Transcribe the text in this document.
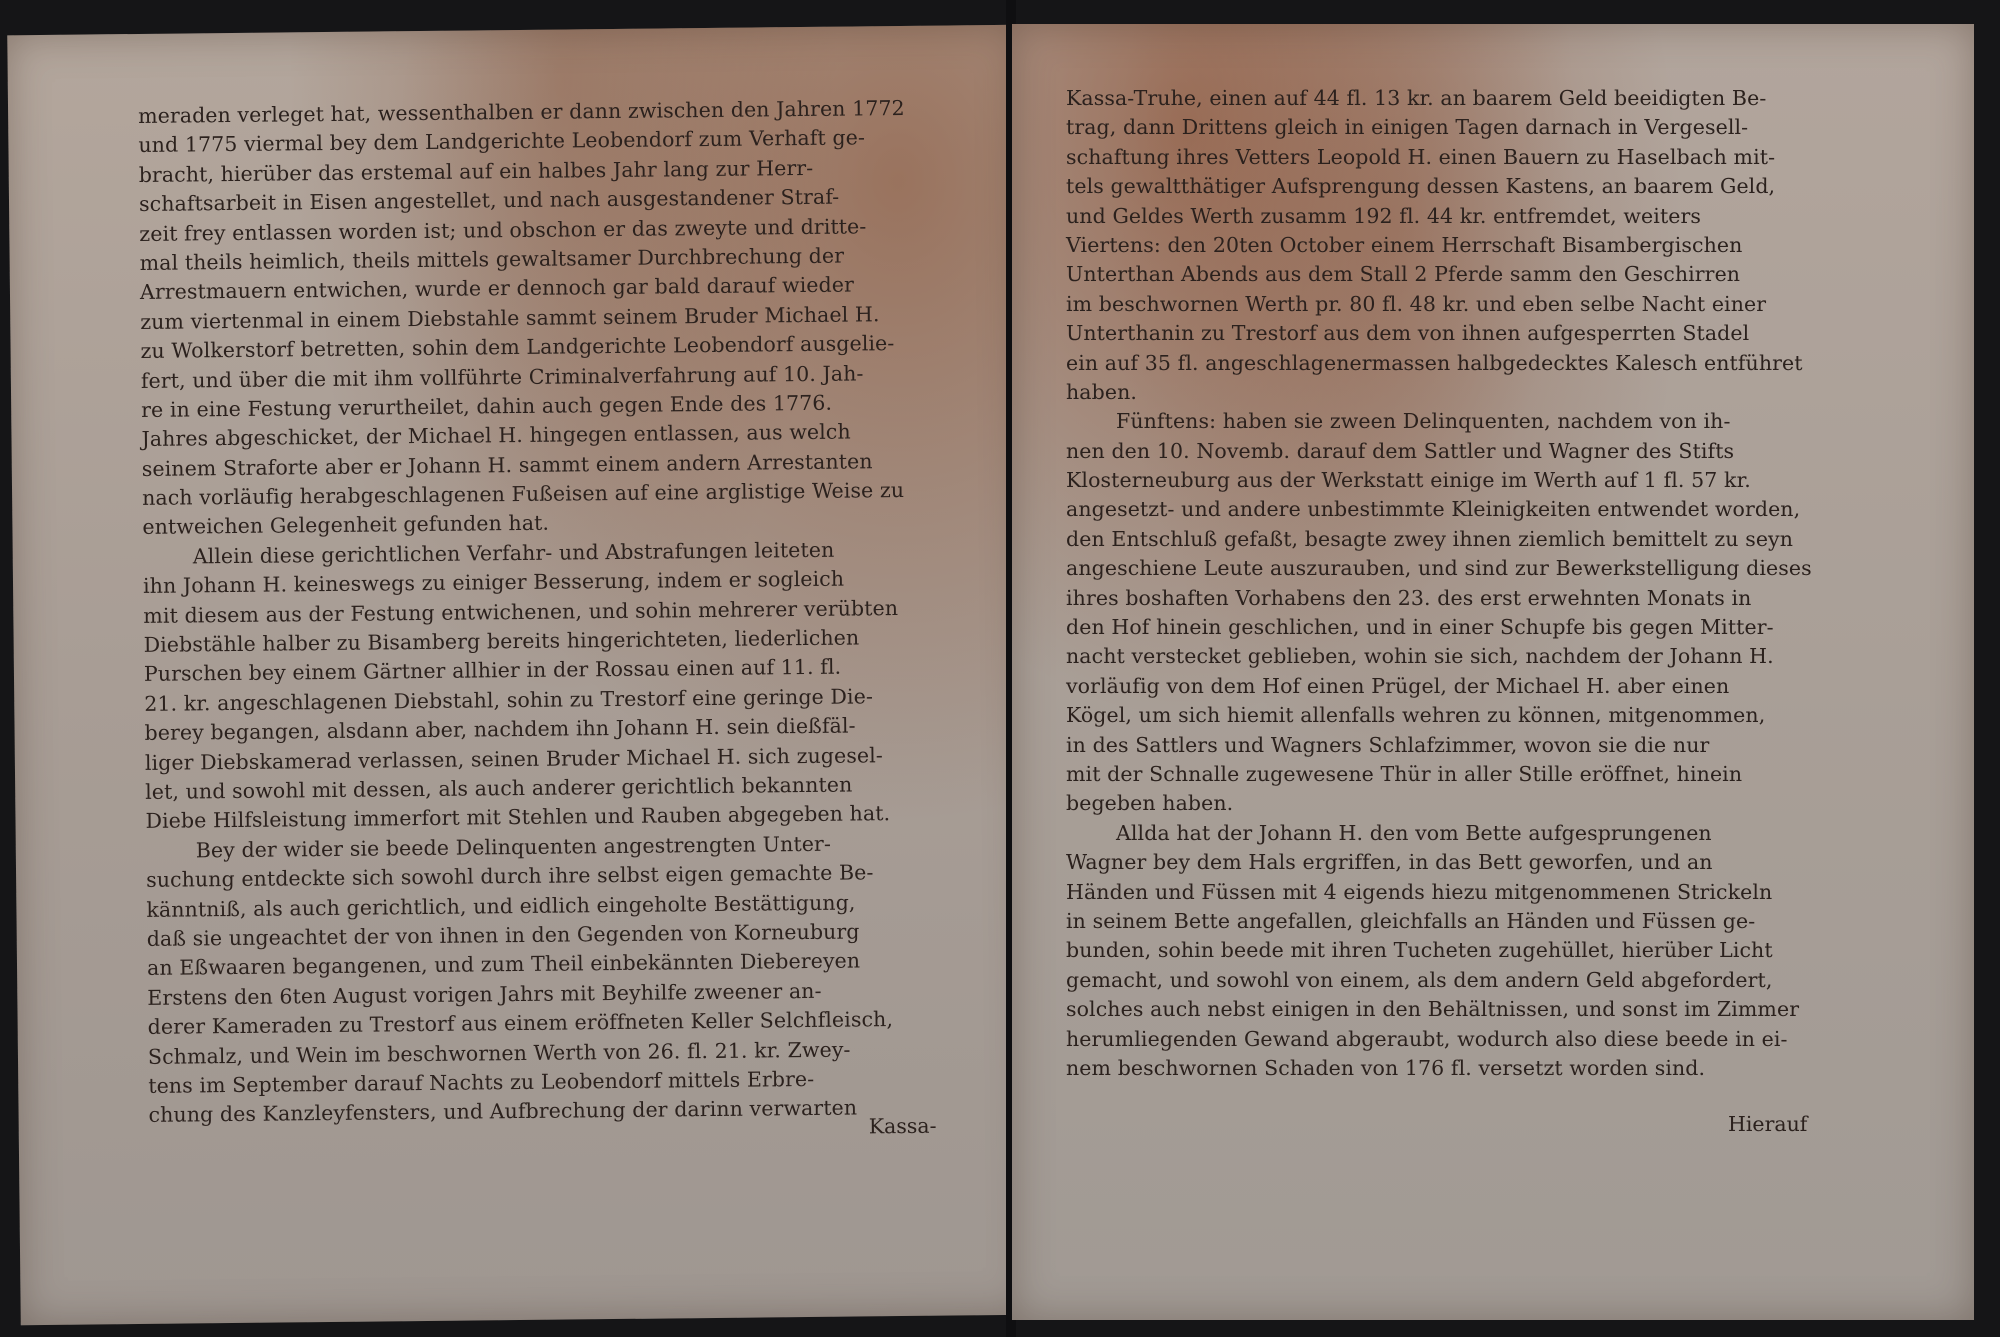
meraden verleget hat, wessenthalben er dann zwischen den Jahren 1772
und 1775 viermal bey dem Landgerichte Leobendorf zum Verhaft ge-
bracht, hierüber das erstemal auf ein halbes Jahr lang zur Herr-
schaftsarbeit in Eisen angestellet, und nach ausgestandener Straf-
zeit frey entlassen worden ist; und obschon er das zweyte und dritte-
mal theils heimlich, theils mittels gewaltsamer Durchbrechung der
Arrestmauern entwichen, wurde er dennoch gar bald darauf wieder
zum viertenmal in einem Diebstahle sammt seinem Bruder Michael H.
zu Wolkerstorf betretten, sohin dem Landgerichte Leobendorf ausgelie-
fert, und über die mit ihm vollführte Criminalverfahrung auf 10. Jah-
re in eine Festung verurtheilet, dahin auch gegen Ende des 1776.
Jahres abgeschicket, der Michael H. hingegen entlassen, aus welch
seinem Straforte aber er Johann H. sammt einem andern Arrestanten
nach vorläufig herabgeschlagenen Fußeisen auf eine arglistige Weise zu
entweichen Gelegenheit gefunden hat.
Allein diese gerichtlichen Verfahr- und Abstrafungen leiteten
ihn Johann H. keineswegs zu einiger Besserung, indem er sogleich
mit diesem aus der Festung entwichenen, und sohin mehrerer verübten
Diebstähle halber zu Bisamberg bereits hingerichteten, liederlichen
Purschen bey einem Gärtner allhier in der Rossau einen auf 11. fl.
21. kr. angeschlagenen Diebstahl, sohin zu Trestorf eine geringe Die-
berey begangen, alsdann aber, nachdem ihn Johann H. sein dießfäl-
liger Diebskamerad verlassen, seinen Bruder Michael H. sich zugesel-
let, und sowohl mit dessen, als auch anderer gerichtlich bekannten
Diebe Hilfsleistung immerfort mit Stehlen und Rauben abgegeben hat.
Bey der wider sie beede Delinquenten angestrengten Unter-
suchung entdeckte sich sowohl durch ihre selbst eigen gemachte Be-
känntniß, als auch gerichtlich, und eidlich eingeholte Bestättigung,
daß sie ungeachtet der von ihnen in den Gegenden von Korneuburg
an Eßwaaren begangenen, und zum Theil einbekännten Diebereyen
Erstens den 6ten August vorigen Jahrs mit Beyhilfe zweener an-
derer Kameraden zu Trestorf aus einem eröffneten Keller Selchfleisch,
Schmalz, und Wein im beschwornen Werth von 26. fl. 21. kr. Zwey-
tens im September darauf Nachts zu Leobendorf mittels Erbre-
chung des Kanzleyfensters, und Aufbrechung der darinn verwarten Kassa-
Kassa-Truhe, einen auf 44 fl. 13 kr. an baarem Geld beeidigten Be-
trag, dann Drittens gleich in einigen Tagen darnach in Vergesell-
schaftung ihres Vetters Leopold H. einen Bauern zu Haselbach mit-
tels gewaltthätiger Aufsprengung dessen Kastens, an baarem Geld,
und Geldes Werth zusamm 192 fl. 44 kr. entfremdet, weiters
Viertens: den 20ten October einem Herrschaft Bisambergischen
Unterthan Abends aus dem Stall 2 Pferde samm den Geschirren
im beschwornen Werth pr. 80 fl. 48 kr. und eben selbe Nacht einer
Unterthanin zu Trestorf aus dem von ihnen aufgesperrten Stadel
ein auf 35 fl. angeschlagenermassen halbgedecktes Kalesch entführet
haben.
Fünftens: haben sie zween Delinquenten, nachdem von ih-
nen den 10. Novemb. darauf dem Sattler und Wagner des Stifts
Klosterneuburg aus der Werkstatt einige im Werth auf 1 fl. 57 kr.
angesetzt- und andere unbestimmte Kleinigkeiten entwendet worden,
den Entschluß gefaßt, besagte zwey ihnen ziemlich bemittelt zu seyn
angeschiene Leute auszurauben, und sind zur Bewerkstelligung dieses
ihres boshaften Vorhabens den 23. des erst erwehnten Monats in
den Hof hinein geschlichen, und in einer Schupfe bis gegen Mitter-
nacht verstecket geblieben, wohin sie sich, nachdem der Johann H.
vorläufig von dem Hof einen Prügel, der Michael H. aber einen
Kögel, um sich hiemit allenfalls wehren zu können, mitgenommen,
in des Sattlers und Wagners Schlafzimmer, wovon sie die nur
mit der Schnalle zugewesene Thür in aller Stille eröffnet, hinein
begeben haben.
Allda hat der Johann H. den vom Bette aufgesprungenen
Wagner bey dem Hals ergriffen, in das Bett geworfen, und an
Händen und Füssen mit 4 eigends hiezu mitgenommenen Strickeln
in seinem Bette angefallen, gleichfalls an Händen und Füssen ge-
bunden, sohin beede mit ihren Tucheten zugehüllet, hierüber Licht
gemacht, und sowohl von einem, als dem andern Geld abgefordert,
solches auch nebst einigen in den Behältnissen, und sonst im Zimmer
herumliegenden Gewand abgeraubt, wodurch also diese beede in ei-
nem beschwornen Schaden von 176 fl. versetzt worden sind.
Hierauf
